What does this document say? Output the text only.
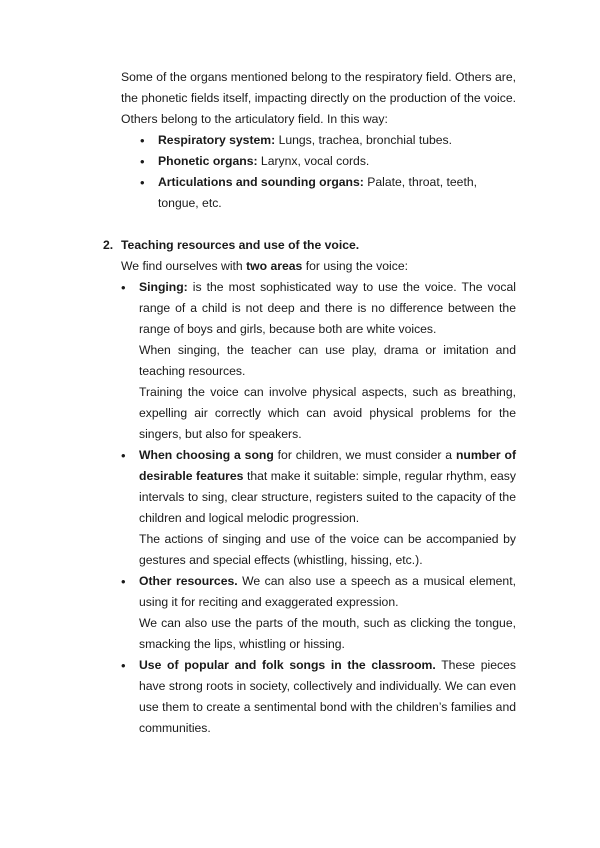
Some of the organs mentioned belong to the respiratory field. Others are, the phonetic fields itself, impacting directly on the production of the voice. Others belong to the articulatory field. In this way:

• Respiratory system: Lungs, trachea, bronchial tubes.
• Phonetic organs: Larynx, vocal cords.
• Articulations and sounding organs: Palate, throat, teeth, tongue, etc.
2. Teaching resources and use of the voice.
We find ourselves with two areas for using the voice:

• Singing: is the most sophisticated way to use the voice. The vocal range of a child is not deep and there is no difference between the range of boys and girls, because both are white voices.

When singing, the teacher can use play, drama or imitation and teaching resources.

Training the voice can involve physical aspects, such as breathing, expelling air correctly which can avoid physical problems for the singers, but also for speakers.

• When choosing a song for children, we must consider a number of desirable features that make it suitable: simple, regular rhythm, easy intervals to sing, clear structure, registers suited to the capacity of the children and logical melodic progression.

The actions of singing and use of the voice can be accompanied by gestures and special effects (whistling, hissing, etc.).

• Other resources. We can also use a speech as a musical element, using it for reciting and exaggerated expression.

We can also use the parts of the mouth, such as clicking the tongue, smacking the lips, whistling or hissing.

• Use of popular and folk songs in the classroom. These pieces have strong roots in society, collectively and individually. We can even use them to create a sentimental bond with the children’s families and communities.
